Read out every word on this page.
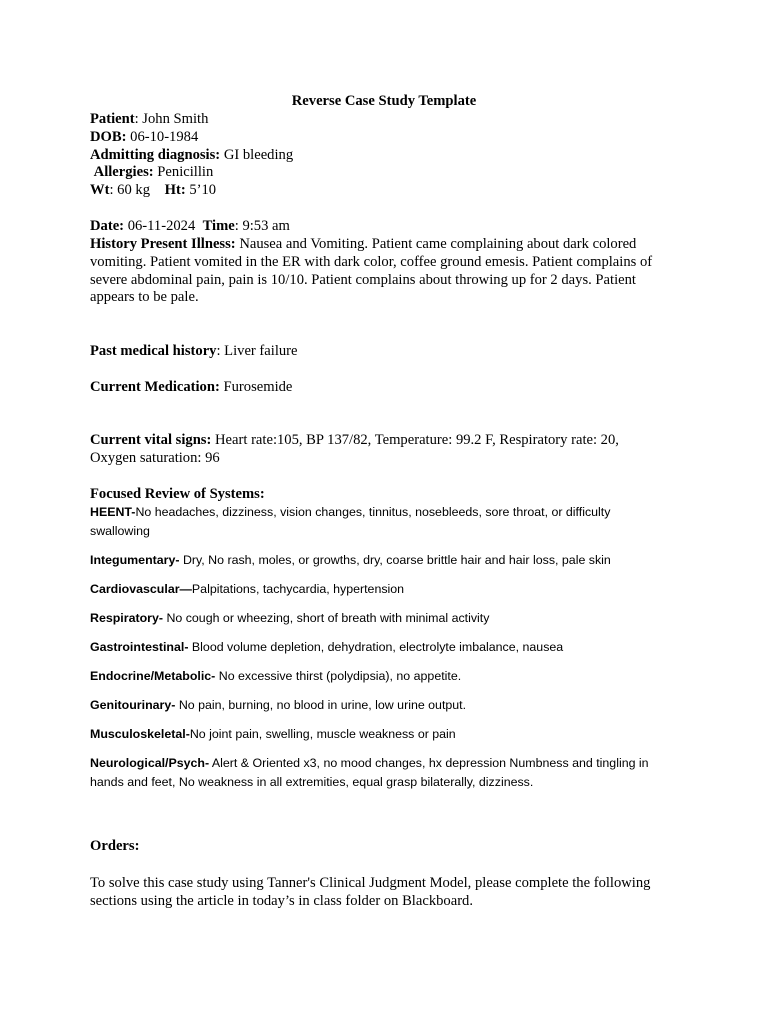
Reverse Case Study Template
Patient: John Smith
DOB: 06-10-1984
Admitting diagnosis: GI bleeding
Allergies: Penicillin
Wt: 60 kg Ht: 5’10
Date: 06-11-2024 Time: 9:53 am
History Present Illness: Nausea and Vomiting. Patient came complaining about dark colored vomiting. Patient vomited in the ER with dark color, coffee ground emesis. Patient complains of severe abdominal pain, pain is 10/10. Patient complains about throwing up for 2 days. Patient appears to be pale.
Past medical history: Liver failure
Current Medication: Furosemide
Current vital signs: Heart rate:105, BP 137/82, Temperature: 99.2 F, Respiratory rate: 20, Oxygen saturation: 96
Focused Review of Systems:
HEENT-No headaches, dizziness, vision changes, tinnitus, nosebleeds, sore throat, or difficulty swallowing
Integumentary- Dry, No rash, moles, or growths, dry, coarse brittle hair and hair loss, pale skin
Cardiovascular—Palpitations, tachycardia, hypertension
Respiratory- No cough or wheezing, short of breath with minimal activity
Gastrointestinal- Blood volume depletion, dehydration, electrolyte imbalance, nausea
Endocrine/Metabolic- No excessive thirst (polydipsia), no appetite.
Genitourinary- No pain, burning, no blood in urine, low urine output.
Musculoskeletal-No joint pain, swelling, muscle weakness or pain
Neurological/Psych- Alert & Oriented x3, no mood changes, hx depression Numbness and tingling in hands and feet, No weakness in all extremities, equal grasp bilaterally, dizziness.
Orders:
To solve this case study using Tanner's Clinical Judgment Model, please complete the following sections using the article in today’s in class folder on Blackboard.
